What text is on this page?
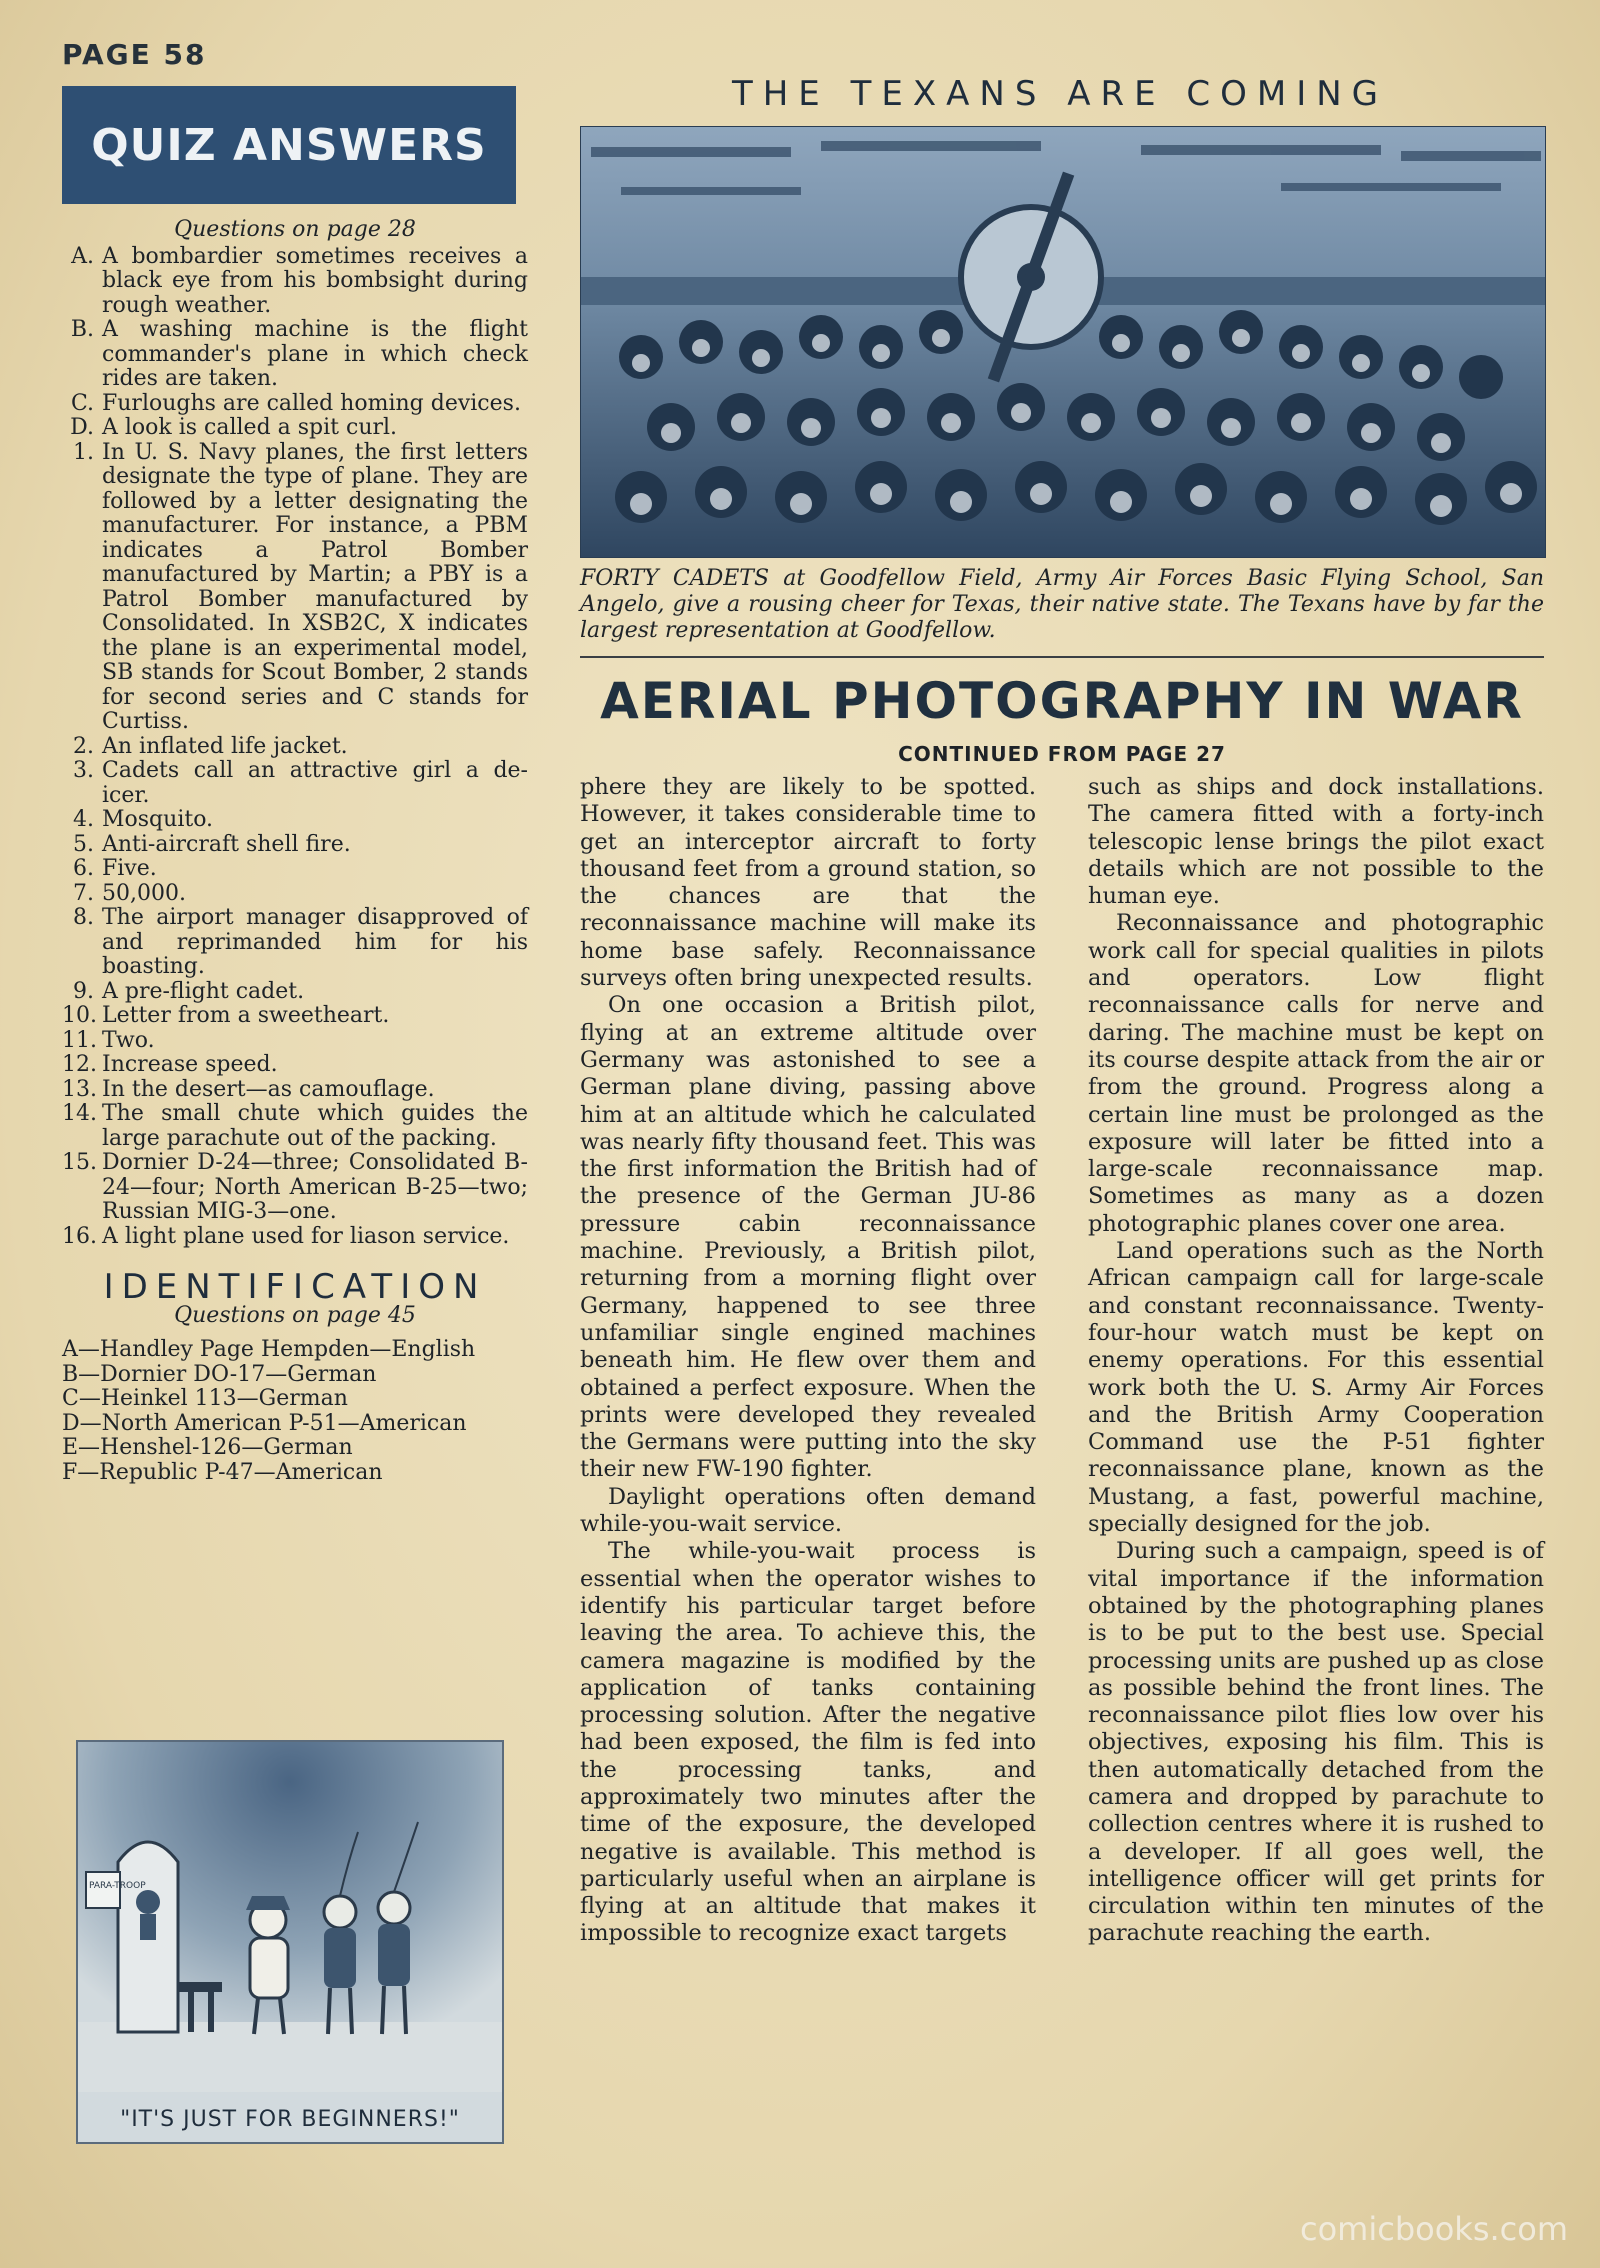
PAGE 58
QUIZ ANSWERS
Questions on page 28
A. A bombardier sometimes receives a black eye from his bombsight during rough weather.
B. A washing machine is the flight commander's plane in which check rides are taken.
C. Furloughs are called homing devices.
D. A look is called a spit curl.
1. In U. S. Navy planes, the first letters designate the type of plane. They are followed by a letter designating the manufacturer. For instance, a PBM indicates a Patrol Bomber manufactured by Martin; a PBY is a Patrol Bomber manufactured by Consolidated. In XSB2C, X indicates the plane is an experimental model, SB stands for Scout Bomber, 2 stands for second series and C stands for Curtiss.
2. An inflated life jacket.
3. Cadets call an attractive girl a de-icer.
4. Mosquito.
5. Anti-aircraft shell fire.
6. Five.
7. 50,000.
8. The airport manager disapproved of and reprimanded him for his boasting.
9. A pre-flight cadet.
10. Letter from a sweetheart.
11. Two.
12. Increase speed.
13. In the desert—as camouflage.
14. The small chute which guides the large parachute out of the packing.
15. Dornier D-24—three; Consolidated B-24—four; North American B-25—two; Russian MIG-3—one.
16. A light plane used for liason service.
IDENTIFICATION
Questions on page 45
A—Handley Page Hempden—English
B—Dornier DO-17—German
C—Heinkel 113—German
D—North American P-51—American
E—Henshel-126—German
F—Republic P-47—American
PARA-TROOP
"IT'S JUST FOR BEGINNERS!"
THE TEXANS ARE COMING
FORTY CADETS at Goodfellow Field, Army Air Forces Basic Flying School, San Angelo, give a rousing cheer for Texas, their native state. The Texans have by far the largest representation at Goodfellow.
AERIAL PHOTOGRAPHY IN WAR
CONTINUED FROM PAGE 27

phere they are likely to be spotted. However, it takes considerable time to get an interceptor aircraft to forty thousand feet from a ground station, so the chances are that the reconnaissance machine will make its home base safely. Reconnaissance surveys often bring unexpected results.

On one occasion a British pilot, flying at an extreme altitude over Germany was astonished to see a German plane diving, passing above him at an altitude which he calculated was nearly fifty thousand feet. This was the first information the British had of the presence of the German JU-86 pressure cabin reconnaissance machine. Previously, a British pilot, returning from a morning flight over Germany, happened to see three unfamiliar single engined machines beneath him. He flew over them and obtained a perfect exposure. When the prints were developed they revealed the Germans were putting into the sky their new FW-190 fighter.

Daylight operations often demand while-you-wait service.

The while-you-wait process is essential when the operator wishes to identify his particular target before leaving the area. To achieve this, the camera magazine is modified by the application of tanks containing processing solution. After the negative had been exposed, the film is fed into the processing tanks, and approximately two minutes after the time of the exposure, the developed negative is available. This method is particularly useful when an airplane is flying at an altitude that makes it impossible to recognize exact targets

such as ships and dock installations. The camera fitted with a forty-inch telescopic lense brings the pilot exact details which are not possible to the human eye.

Reconnaissance and photographic work call for special qualities in pilots and operators. Low flight reconnaissance calls for nerve and daring. The machine must be kept on its course despite attack from the air or from the ground. Progress along a certain line must be prolonged as the exposure will later be fitted into a large-scale reconnaissance map. Sometimes as many as a dozen photographic planes cover one area.

Land operations such as the North African campaign call for large-scale and constant reconnaissance. Twenty-four-hour watch must be kept on enemy operations. For this essential work both the U. S. Army Air Forces and the British Army Cooperation Command use the P-51 fighter reconnaissance plane, known as the Mustang, a fast, powerful machine, specially designed for the job.

During such a campaign, speed is of vital importance if the information obtained by the photographing planes is to be put to the best use. Special processing units are pushed up as close as possible behind the front lines. The reconnaissance pilot flies low over his objectives, exposing his film. This is then automatically detached from the camera and dropped by parachute to collection centres where it is rushed to a developer. If all goes well, the intelligence officer will get prints for circulation within ten minutes of the parachute reaching the earth.

comicbooks.com
